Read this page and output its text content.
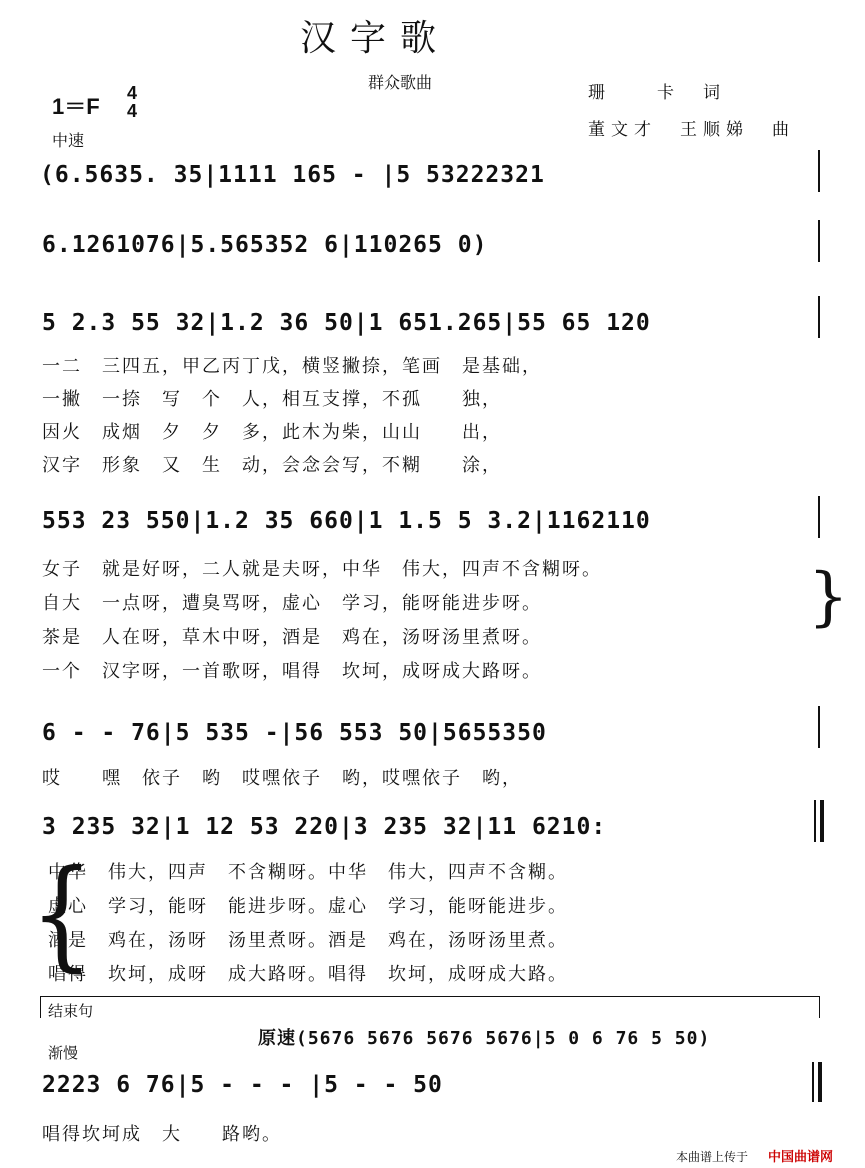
汉字歌
群众歌曲
珊　　卡　词
董文才　王顺娣　曲
1＝F
4
4
中速
(6.5635. 35|1111 165 - |5 53222321
6.1261076|5.565352 6|110265 0)
5 2.3 55 32|1.2 36 50|1 651.265|55 65 120
一二　三四五，甲乙丙丁戊，横竖撇捺，笔画　是基础，
一撇　一捺　写　个　人，相互支撑，不孤　　独，
因火　成烟　夕　夕　多，此木为柴，山山　　出，
汉字　形象　又　生　动，会念会写，不糊　　涂，
553 23 550|1.2 35 660|1 1.5 5 3.2|1162110
女子　就是好呀，二人就是夫呀，中华　伟大，四声不含糊呀。
自大　一点呀，遭臭骂呀，虚心　学习，能呀能进步呀。
茶是　人在呀，草木中呀，酒是　鸡在，汤呀汤里煮呀。
一个　汉字呀，一首歌呀，唱得　坎坷，成呀成大路呀。
}
6 - - 76|5 535 -|56 553 50|5655350
哎　　嘿　依子　哟　哎嘿依子　哟，哎嘿依子　哟，
3 235 32|1 12 53 220|3 235 32|11 6210:
{
中华　伟大，四声　不含糊呀。中华　伟大，四声不含糊。
虚心　学习，能呀　能进步呀。虚心　学习，能呀能进步。
酒是　鸡在，汤呀　汤里煮呀。酒是　鸡在，汤呀汤里煮。
唱得　坎坷，成呀　成大路呀。唱得　坎坷，成呀成大路。
结束句
原速(5676 5676 5676 5676|5 0 6 76 5 50)
渐慢
2223 6 76|5 - - - |5 - - 50
唱得坎坷成　大　　路哟。
本曲谱上传于 中国曲谱网
